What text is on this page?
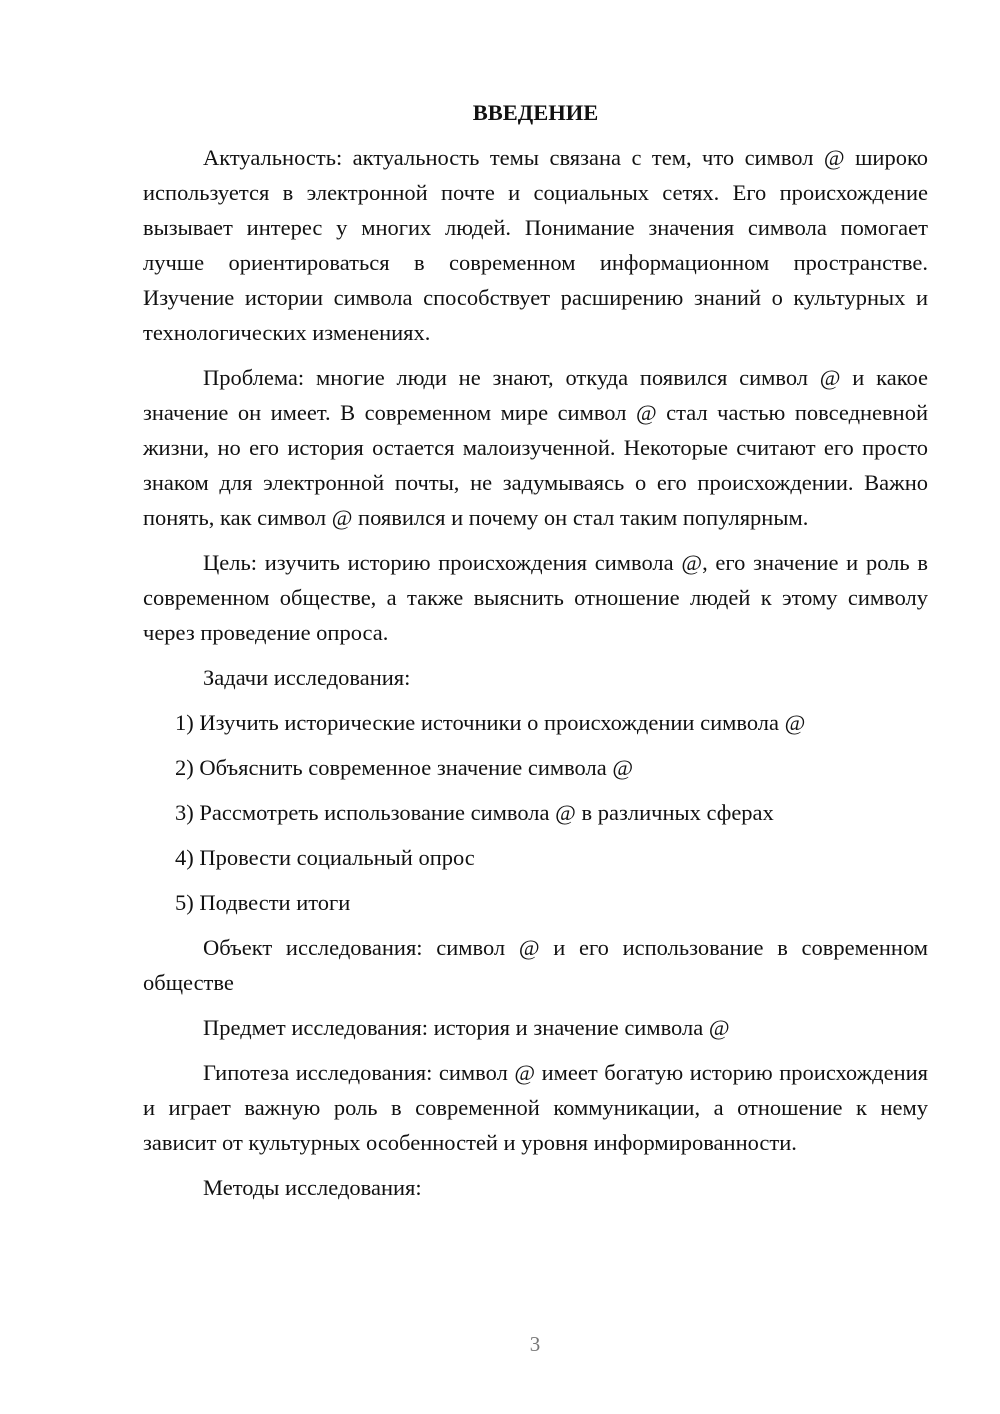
ВВЕДЕНИЕ

Актуальность: актуальность темы связана с тем, что символ @ широко используется в электронной почте и социальных сетях. Его происхождение вызывает интерес у многих людей. Понимание значения символа помогает лучше ориентироваться в современном информационном пространстве. Изучение истории символа способствует расширению знаний о культурных и технологических изменениях.

Проблема: многие люди не знают, откуда появился символ @ и какое значение он имеет. В современном мире символ @ стал частью повседневной жизни, но его история остается малоизученной. Некоторые считают его просто знаком для электронной почты, не задумываясь о его происхождении. Важно понять, как символ @ появился и почему он стал таким популярным.

Цель: изучить историю происхождения символа @, его значение и роль в современном обществе, а также выяснить отношение людей к этому символу через проведение опроса.

Задачи исследования:

1) Изучить исторические источники о происхождении символа @
2) Объяснить современное значение символа @
3) Рассмотреть использование символа @ в различных сферах
4) Провести социальный опрос
5) Подвести итоги

Объект исследования: символ @ и его использование в современном обществе

Предмет исследования: история и значение символа @

Гипотеза исследования: символ @ имеет богатую историю происхождения и играет важную роль в современной коммуникации, а отношение к нему зависит от культурных особенностей и уровня информированности.

Методы исследования:

3
